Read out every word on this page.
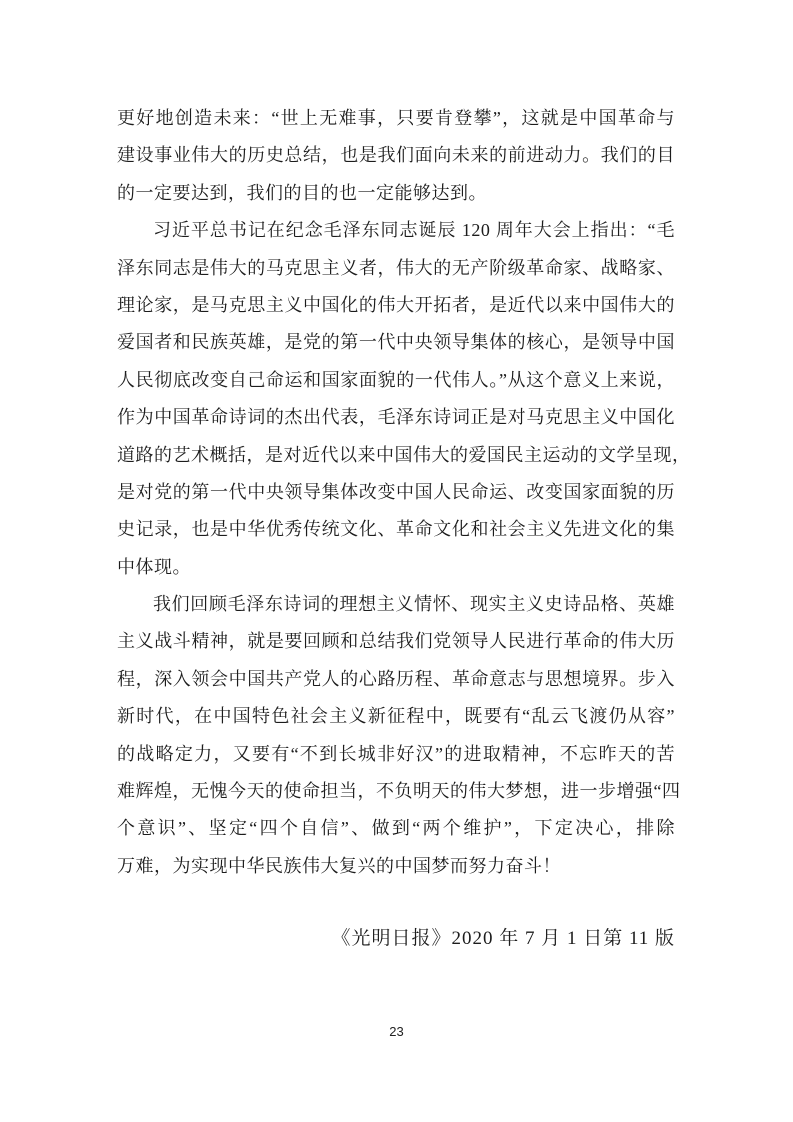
更好地创造未来：“世上无难事，只要肯登攀”，这就是中国革命与
建设事业伟大的历史总结，也是我们面向未来的前进动力。我们的目
的一定要达到，我们的目的也一定能够达到。
习近平总书记在纪念毛泽东同志诞辰 120 周年大会上指出：“毛
泽东同志是伟大的马克思主义者，伟大的无产阶级革命家、战略家、
理论家，是马克思主义中国化的伟大开拓者，是近代以来中国伟大的
爱国者和民族英雄，是党的第一代中央领导集体的核心，是领导中国
人民彻底改变自己命运和国家面貌的一代伟人。”从这个意义上来说，
作为中国革命诗词的杰出代表，毛泽东诗词正是对马克思主义中国化
道路的艺术概括，是对近代以来中国伟大的爱国民主运动的文学呈现，
是对党的第一代中央领导集体改变中国人民命运、改变国家面貌的历
史记录，也是中华优秀传统文化、革命文化和社会主义先进文化的集
中体现。
我们回顾毛泽东诗词的理想主义情怀、现实主义史诗品格、英雄
主义战斗精神，就是要回顾和总结我们党领导人民进行革命的伟大历
程，深入领会中国共产党人的心路历程、革命意志与思想境界。步入
新时代，在中国特色社会主义新征程中，既要有“乱云飞渡仍从容”
的战略定力，又要有“不到长城非好汉”的进取精神，不忘昨天的苦
难辉煌，无愧今天的使命担当，不负明天的伟大梦想，进一步增强“四
个意识”、坚定“四个自信”、做到“两个维护”，下定决心，排除
万难，为实现中华民族伟大复兴的中国梦而努力奋斗！
《光明日报》2020 年 7 月 1 日第 11 版
23
